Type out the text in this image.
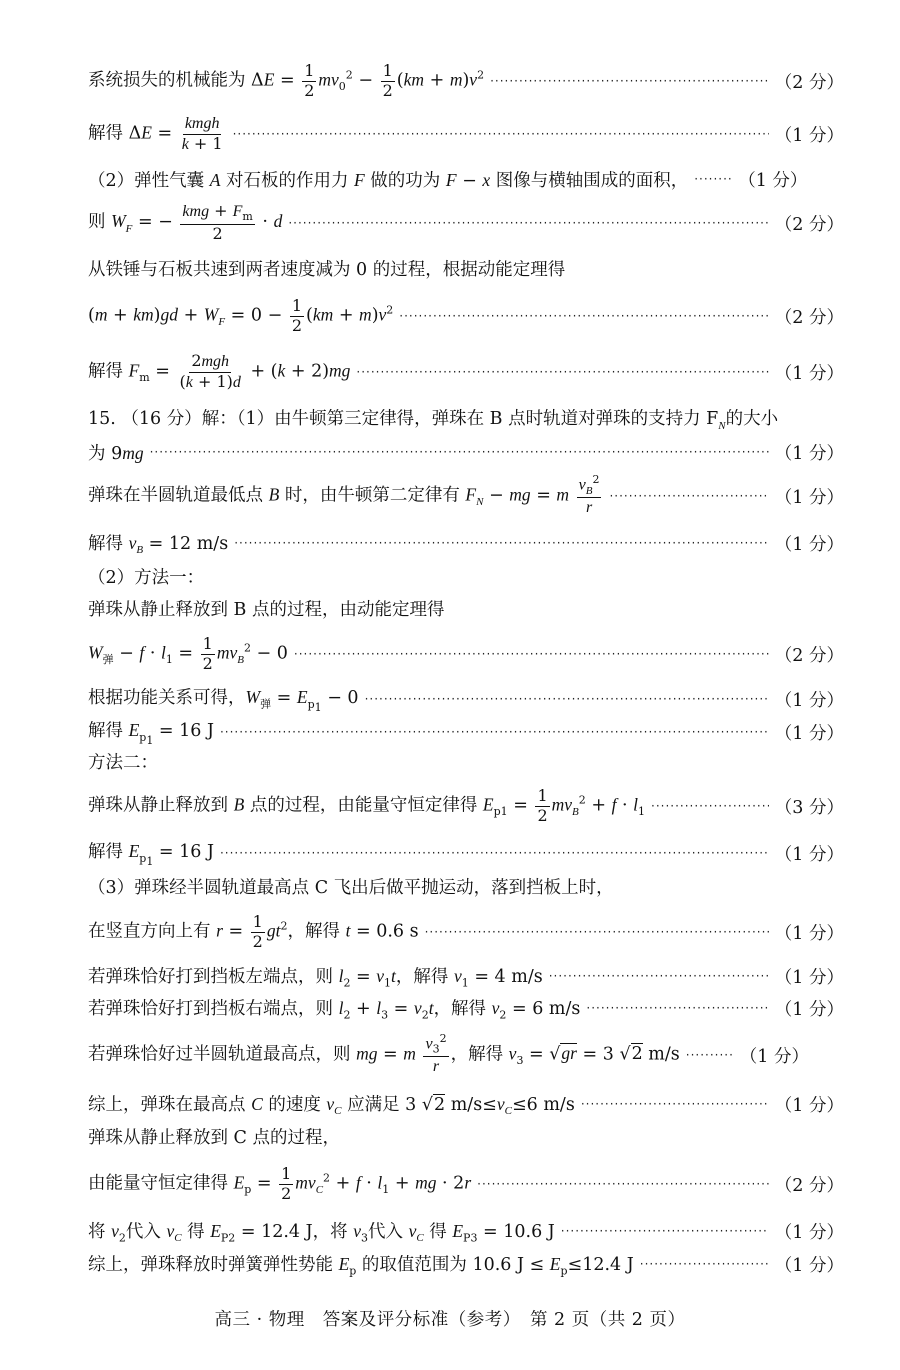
系统损失的机械能为 $\Delta E = \frac{1}{2} mv_0^2 - \frac{1}{2} (km + m)v^2$ ·····	（2 分）
解得 $\Delta E = \frac{\text{kmgh}}{k + 1}$ ·····	（1 分）
（2）弹性气囊 A 对石板的作用力 F 做的功为 F − x 图像与横轴围成的面积， ·····	（1 分）
则 $W_F$ = − $\frac{kmg + F_m}{2} \cdot d$ ·····	（2 分）
从铁锤与石板共速到两者速度减为 0 的过程，根据动能定理得
$(m + km)gd + W_F = 0 - \frac{1}{2} (km + m)v^2$ ·····	（2 分）
解得 $F_m = \frac{\text{2mgh}}{(k + 1)d} + (k + 2)mg$ ·····	（1 分）
15. （16 分）解：（1）由牛顿第三定律得，弹珠在 B 点时轨道对弹珠的支持力 $F_N$的大小
为 9mg ·····	（1 分）
弹珠在半圆轨道最低点 B 时，由牛顿第二定律有 $F_N$ − mg = m $\frac{v_B^2}{r}$ ·····	（1 分）
解得 $v_B = 12$ m/s ·····	（1 分）
（2）方法一：
弹珠从静止释放到 B 点的过程，由动能定理得
$W_弹 - f \cdot l_1 = \frac{1}{2} mv_B^2 - 0$ ·····	（2 分）
根据功能关系可得，$W_弹 = E_{p_1} - 0$ ·····	（1 分）
解得 $E_{p_1} = 16$ J ·····	（1 分）
方法二：
弹珠从静止释放到 B 点的过程，由能量守恒定律得 $E_{p1} = \frac{1}{2} mv_B^2 + f \cdot l_1$ ·····	（3 分）
解得 $E_{p_1} = 16$ J ·····	（1 分）
（3）弹珠经半圆轨道最高点 C 飞出后做平抛运动，落到挡板上时，
在竖直方向上有 $r = \frac{1}{2} gt^2$，解得 t = 0.6 s ·····	（1 分）
若弹珠恰好打到挡板左端点，则 $l_2 = v_1t$，解得 $v_1 = 4$ m/s ·····	（1 分）
若弹珠恰好打到挡板右端点，则 $l_2 + l_3 = v_2t$，解得 $v_2 = 6$ m/s ·····	（1 分）
若弹珠恰好过半圆轨道最高点，则 mg = m $\frac{v_3^2}{r}$ ，解得 $v_3 = √gr = 3$ √2 m/s ·····	（1 分）
综上，弹珠在最高点 C 的速度 $v_C$ 应满足 3 √2 $m/s\le v_C\le 6$ m/s ·····	（1 分）
弹珠从静止释放到 C 点的过程，
由能量守恒定律得 $E_p = \frac{1}{2} mv_C^2 + f \cdot l_1$ + mg · 2r ·····	（2 分）
将 $v_2$代入 $v_C$ 得 $E_{P2} = 12.4$ J，将 $v_3$代入 $v_C$ 得 $E_{P3} = 10.6$ J ·····	（1 分）
综上，弹珠释放时弹簧弹性势能 $E_p$ 的取值范围为 10.6 $J \le E_p\le 12.4$ J ·····	（1 分）
高三 · 物理　答案及评分标准（参考）　第 2 页（共 2 页）
